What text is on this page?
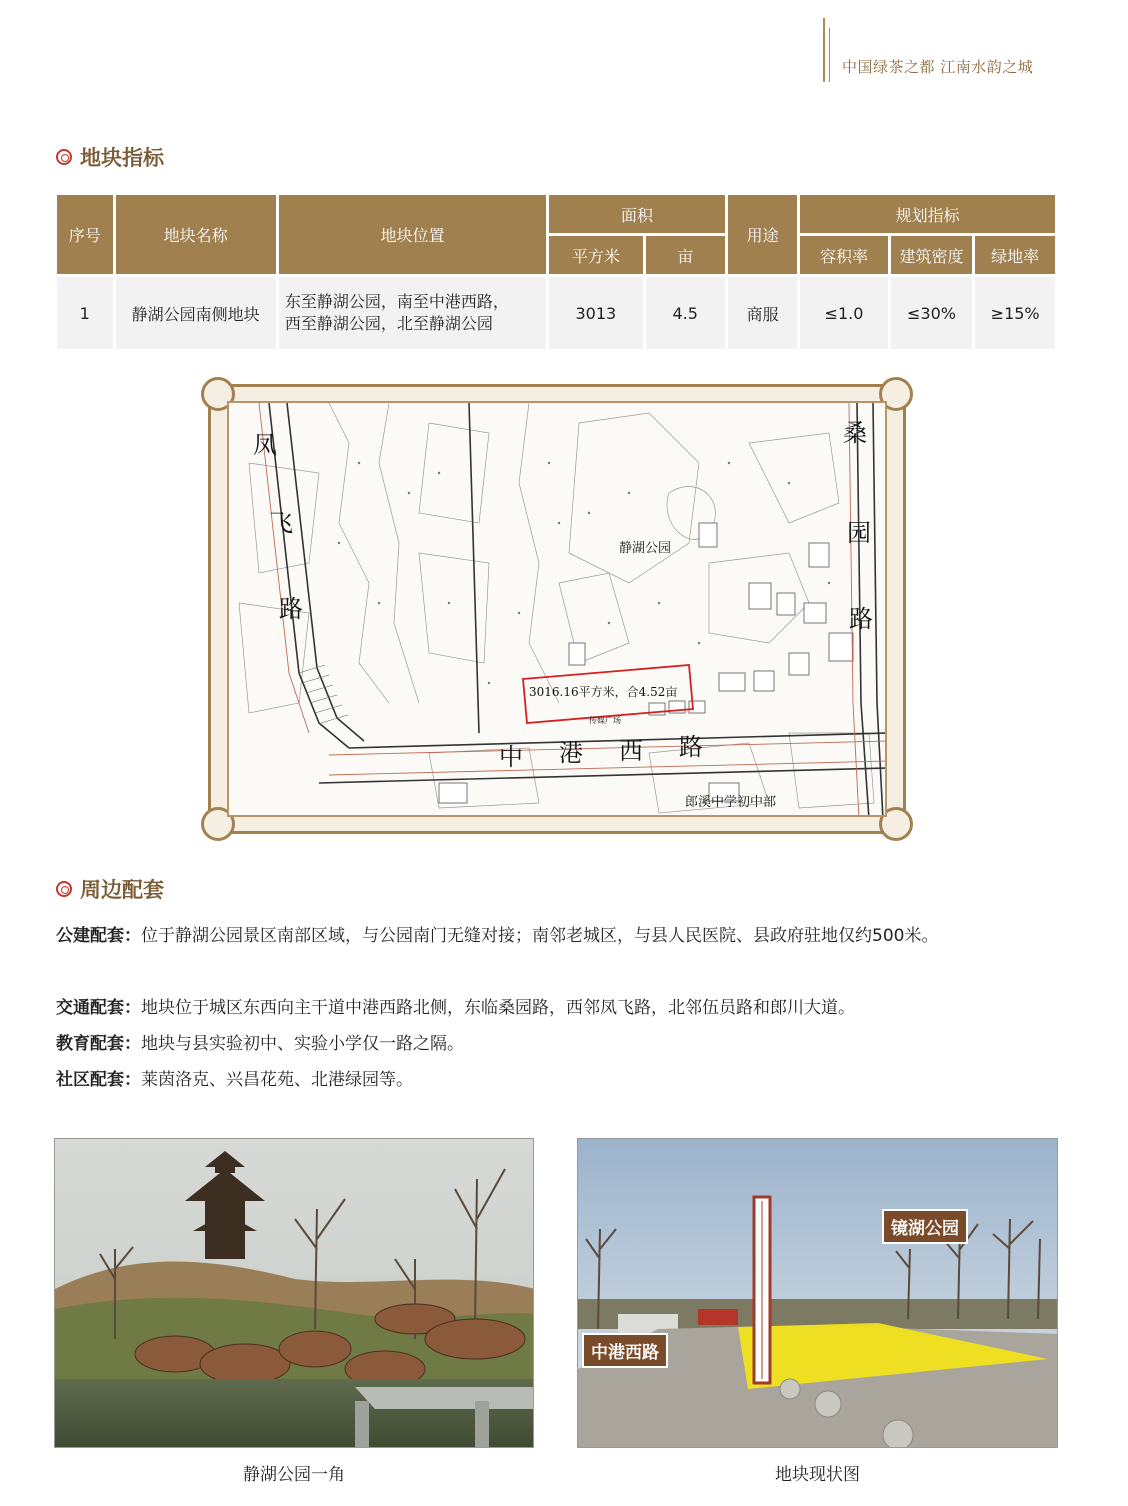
中国绿茶之都 江南水韵之城
地块指标
序号	地块名称	地块位置	面积		用途	规划指标		
			平方米	亩		容积率	建筑密度	绿地率
1	静湖公园南侧地块	东至静湖公园，南至中港西路，
西至静湖公园，北至静湖公园	3013	4.5	商服	≤1.0	≤30%	≥15%
凤
飞
路
桑
园
路
静湖公园
3016.16平方米，合4.52亩
传媒广场
中 港 西 路
郎溪中学初中部
周边配套
公建配套：位于静湖公园景区南部区域，与公园南门无缝对接；南邻老城区，与县人民医院、县政府驻地仅约500米。
交通配套：地块位于城区东西向主干道中港西路北侧，东临桑园路，西邻凤飞路，北邻伍员路和郎川大道。
教育配套：地块与县实验初中、实验小学仅一路之隔。
社区配套：莱茵洛克、兴昌花苑、北港绿园等。
静湖公园一角
镜湖公园
中港西路
地块现状图
